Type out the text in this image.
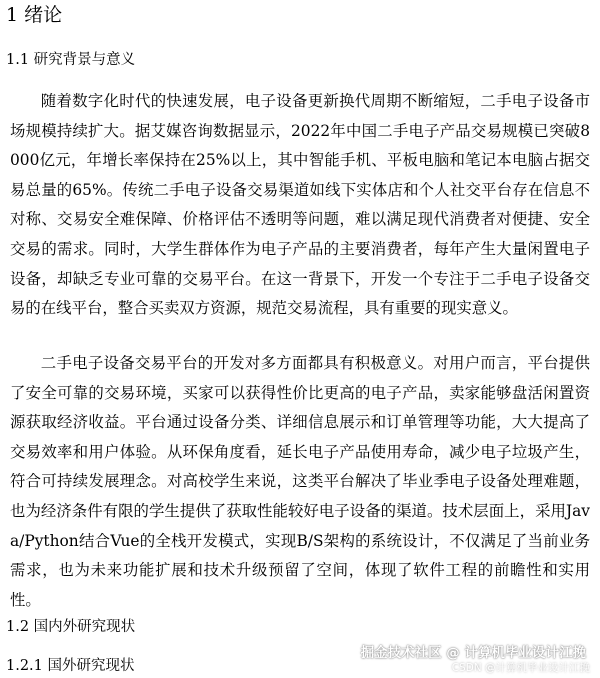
1 绪论
1.1 研究背景与意义

随着数字化时代的快速发展，电子设备更新换代周期不断缩短，二手电子设备市场规模持续扩大。据艾媒咨询数据显示，2022年中国二手电子产品交易规模已突破8000亿元，年增长率保持在25%以上，其中智能手机、平板电脑和笔记本电脑占据交易总量的65%。传统二手电子设备交易渠道如线下实体店和个人社交平台存在信息不对称、交易安全难保障、价格评估不透明等问题，难以满足现代消费者对便捷、安全交易的需求。同时，大学生群体作为电子产品的主要消费者，每年产生大量闲置电子设备，却缺乏专业可靠的交易平台。在这一背景下，开发一个专注于二手电子设备交易的在线平台，整合买卖双方资源，规范交易流程，具有重要的现实意义。

二手电子设备交易平台的开发对多方面都具有积极意义。对用户而言，平台提供了安全可靠的交易环境，买家可以获得性价比更高的电子产品，卖家能够盘活闲置资源获取经济收益。平台通过设备分类、详细信息展示和订单管理等功能，大大提高了交易效率和用户体验。从环保角度看，延长电子产品使用寿命，减少电子垃圾产生，符合可持续发展理念。对高校学生来说，这类平台解决了毕业季电子设备处理难题，也为经济条件有限的学生提供了获取性能较好电子设备的渠道。技术层面上，采用Java/Python结合Vue的全栈开发模式，实现B/S架构的系统设计，不仅满足了当前业务需求，也为未来功能扩展和技术升级预留了空间，体现了软件工程的前瞻性和实用性。

1.2 国内外研究现状
1.2.1 国外研究现状
掘金技术社区 @ 计算机毕业设计江挽
CSDN @计算机毕业设计江挽
